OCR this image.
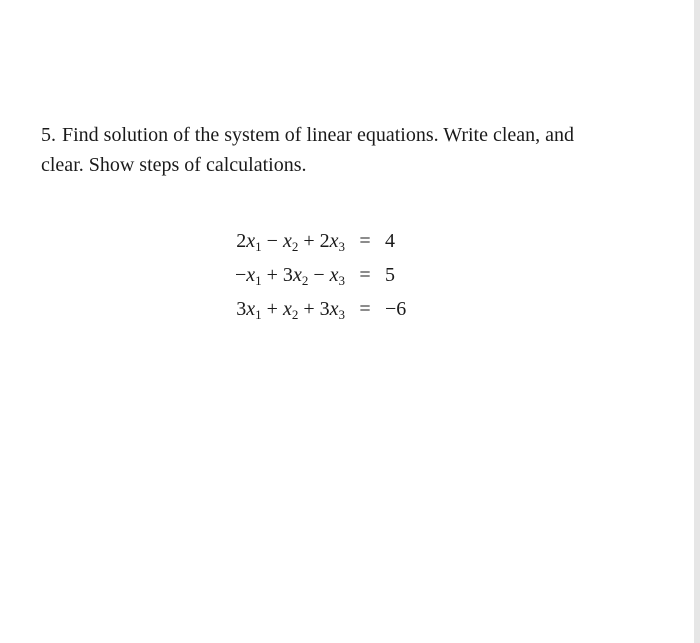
5. Find solution of the system of linear equations. Write clean, and clear. Show steps of calculations.
$2x_1 - x_2 + 2x_3 = 4$
$-x_1 + 3x_2 - x_3 = 5$
$3x_1 + x_2 + 3x_3 = -6$
